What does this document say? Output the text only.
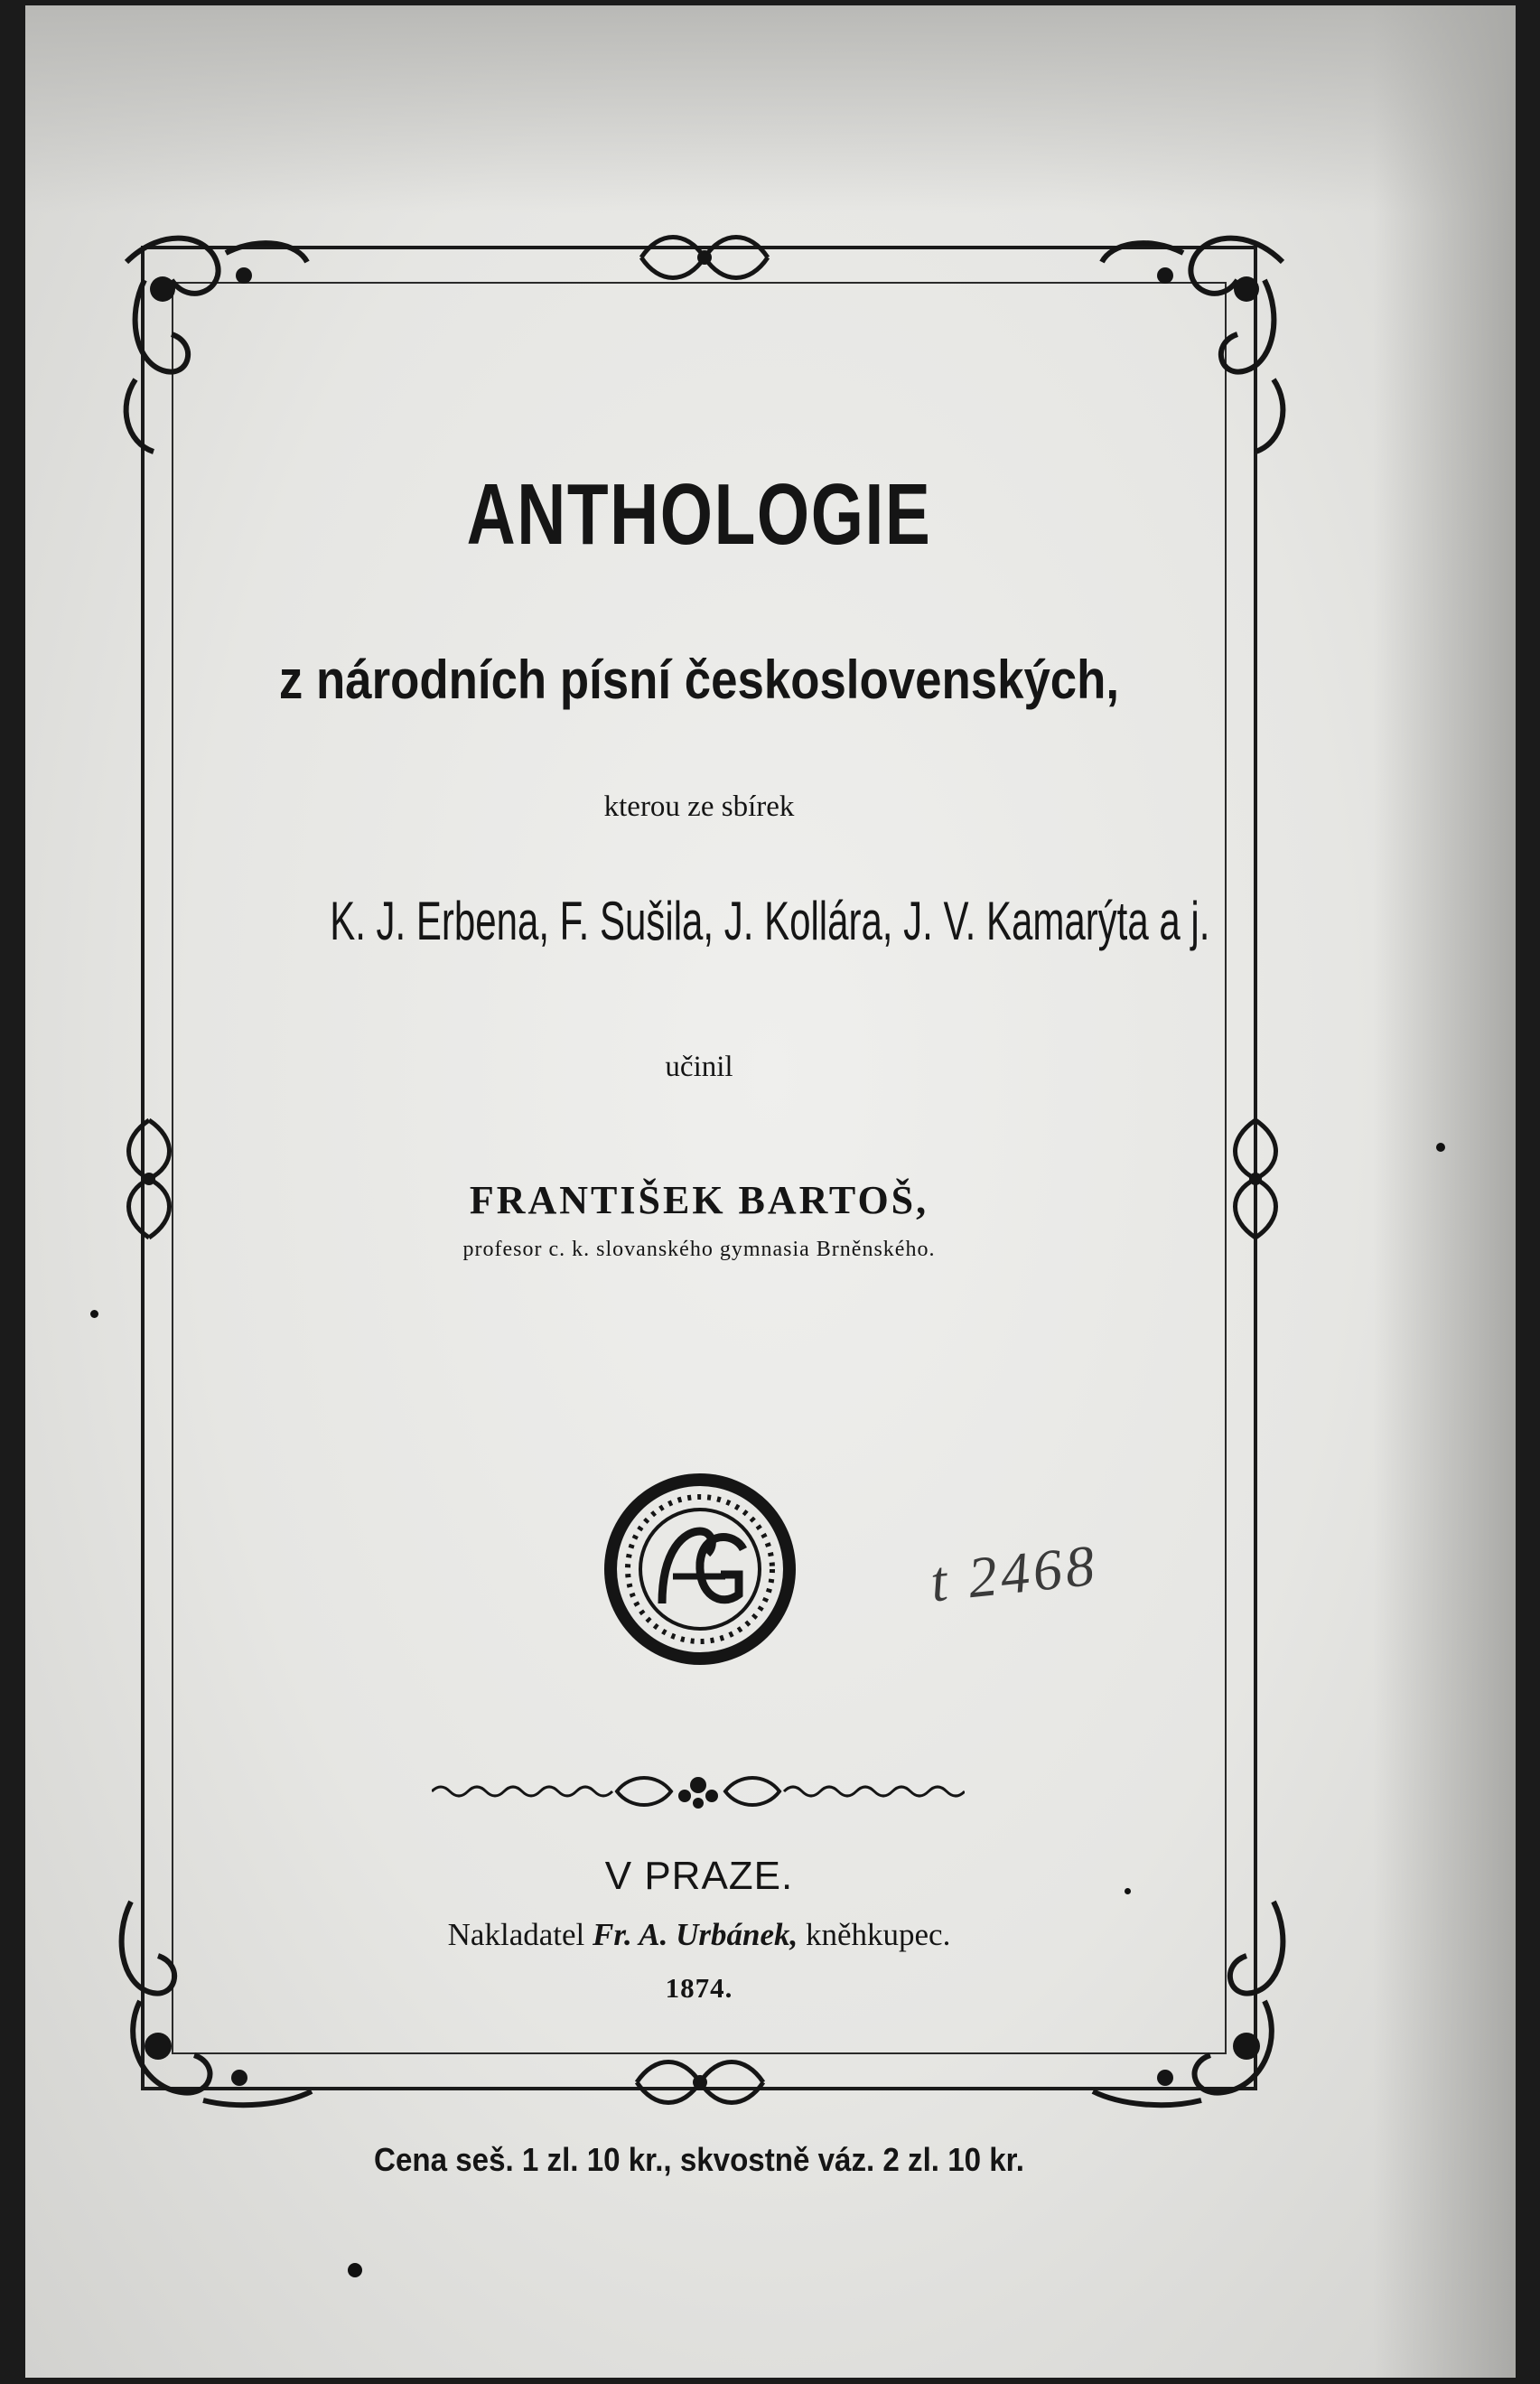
ANTHOLOGIE
z národních písní československých,
kterou ze sbírek
K. J. Erbena, F. Sušila, J. Kollára, J. V. Kamarýta a j.
učinil
FRANTIŠEK BARTOŠ,
profesor c. k. slovanského gymnasia Brněnského.
t 2468
V PRAZE.
Nakladatel Fr. A. Urbánek, kněhkupec.
1874.
Cena seš. 1 zl. 10 kr., skvostně váz. 2 zl. 10 kr.
